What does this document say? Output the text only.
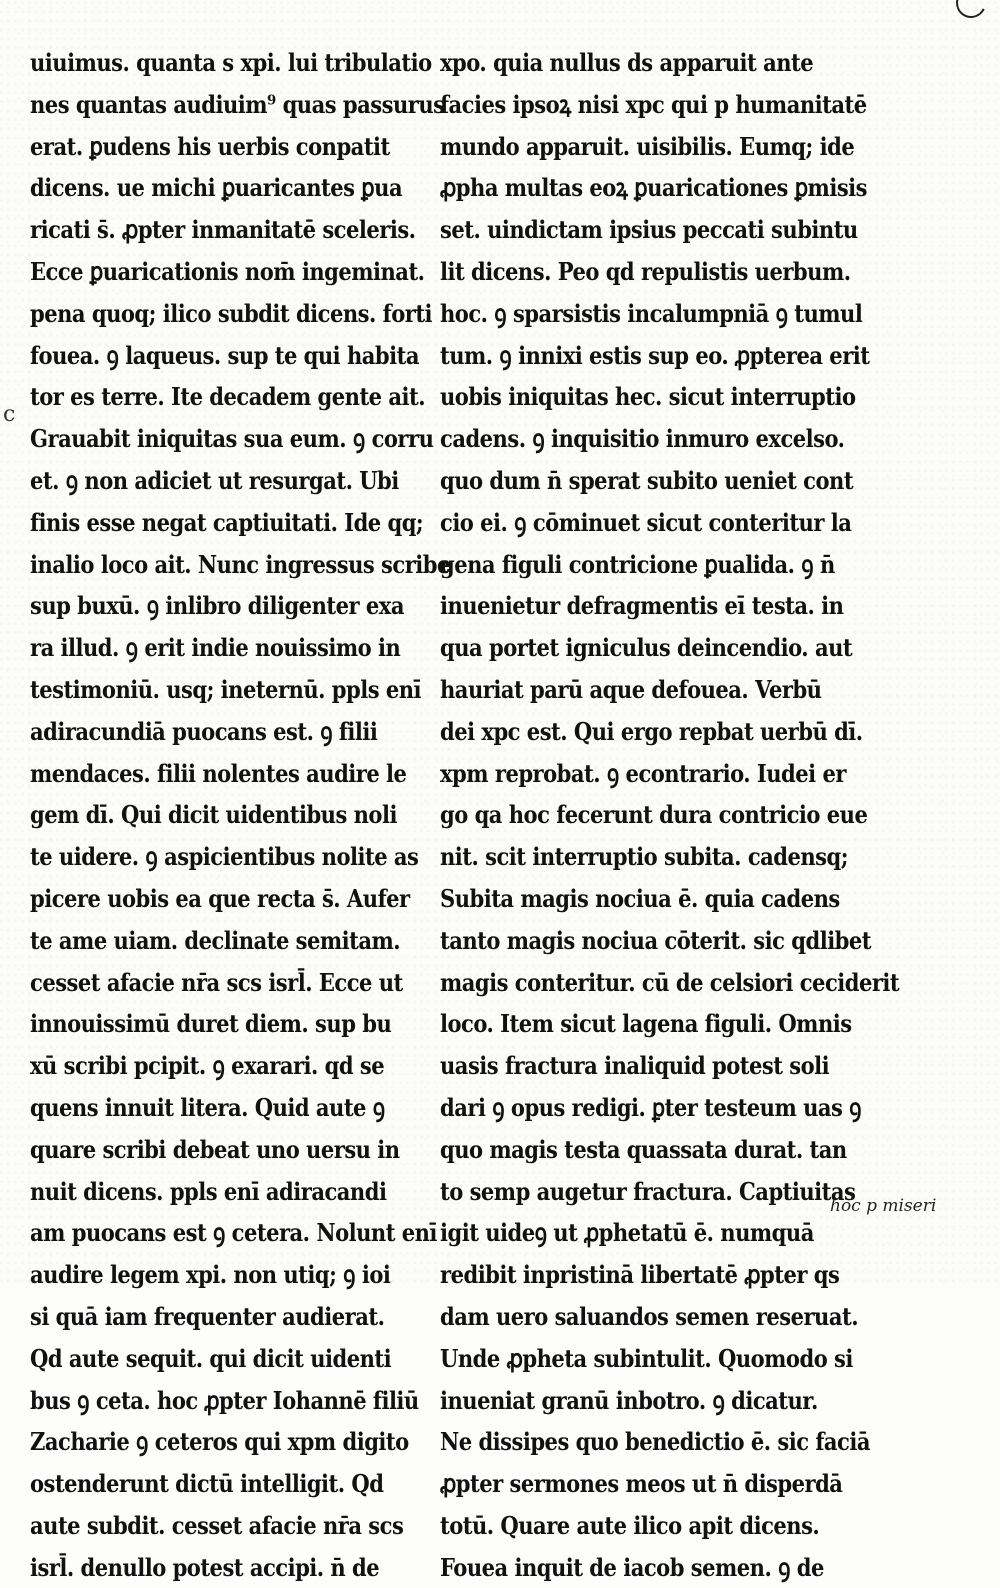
c
uiuimus. quanta s xpi. lui tribulatio
nes quantas audiuim⁹ quas passurus
erat. ꝑudens his uerbis conpatit
dicens. ue michi ꝑuaricantes ꝑua
ricati s̄. ꝓpter inmanitatē sceleris.
Ecce ꝑuaricationis nom̄ ingeminat.
pena quoq; ilico subdit dicens. forti
fouea. ꝯ laqueus. sup te qui habita
tor es terre. Ite decadem gente ait.
Grauabit iniquitas sua eum. ꝯ corru
et. ꝯ non adiciet ut resurgat. Ubi
finis esse negat captiuitati. Ide qq;
inalio loco ait. Nunc ingressus scribe
sup buxū. ꝯ inlibro diligenter exa
ra illud. ꝯ erit indie nouissimo in
testimoniū. usq; ineternū. ppls enī
adiracundiā puocans est. ꝯ filii
mendaces. filii nolentes audire le
gem dī. Qui dicit uidentibus noli
te uidere. ꝯ aspicientibus nolite as
picere uobis ea que recta s̄. Aufer
te ame uiam. declinate semitam.
cesset afacie nr̄a scs isrl̄. Ecce ut
innouissimū duret diem. sup bu
xū scribi pcipit. ꝯ exarari. qd se
quens innuit litera. Quid aute ꝯ
quare scribi debeat uno uersu in
nuit dicens. ppls enī adiracandi
am puocans est ꝯ cetera. Nolunt enī
audire legem xpi. non utiq; ꝯ ioi
si quā iam frequenter audierat.
Qd aute sequit. qui dicit uidenti
bus ꝯ ceta. hoc ꝓpter Iohannē filiū
Zacharie ꝯ ceteros qui xpm digito
ostenderunt dictū intelligit. Qd
aute subdit. cesset afacie nr̄a scs
isrl̄. denullo potest accipi. n̄ de
xpo. quia nullus ds apparuit ante
facies ipsoꝝ nisi xpc qui p humanitatē
mundo apparuit. uisibilis. Eumq; ide
ꝓpha multas eoꝝ ꝑuaricationes ꝑmisis
set. uindictam ipsius peccati subintu
lit dicens. Peo qd repulistis uerbum.
hoc. ꝯ sparsistis incalumpniā ꝯ tumul
tum. ꝯ innixi estis sup eo. ꝓpterea erit
uobis iniquitas hec. sicut interruptio
cadens. ꝯ inquisitio inmuro excelso.
quo dum n̄ sperat subito ueniet cont
cio ei. ꝯ cōminuet sicut conteritur la
gena figuli contricione ꝑualida. ꝯ n̄
inuenietur defragmentis eī testa. in
qua portet igniculus deincendio. aut
hauriat parū aque defouea. Verbū
dei xpc est. Qui ergo repbat uerbū dī.
xpm reprobat. ꝯ econtrario. Iudei er
go qa hoc fecerunt dura contricio eue
nit. scit interruptio subita. cadensq;
Subita magis nociua ē. quia cadens
tanto magis nociua cōterit. sic qdlibet
magis conteritur. cū de celsiori ceciderit
loco. Item sicut lagena figuli. Omnis
uasis fractura inaliquid potest soli
dari ꝯ opus redigi. ꝑter testeum uas ꝯ
quo magis testa quassata durat. tan
to semp augetur fractura. Captiuitas
igit uideꝯ ut ꝓphetatū ē. numquā
redibit inpristinā libertatē ꝓpter qs
dam uero saluandos semen reseruat.
Unde ꝓpheta subintulit. Quomodo si
inueniat granū inbotro. ꝯ dicatur.
Ne dissipes quo benedictio ē. sic faciā
ꝓpter sermones meos ut n̄ disperdā
totū. Quare aute ilico apit dicens.
Fouea inquit de iacob semen. ꝯ de
hoc p miseri
